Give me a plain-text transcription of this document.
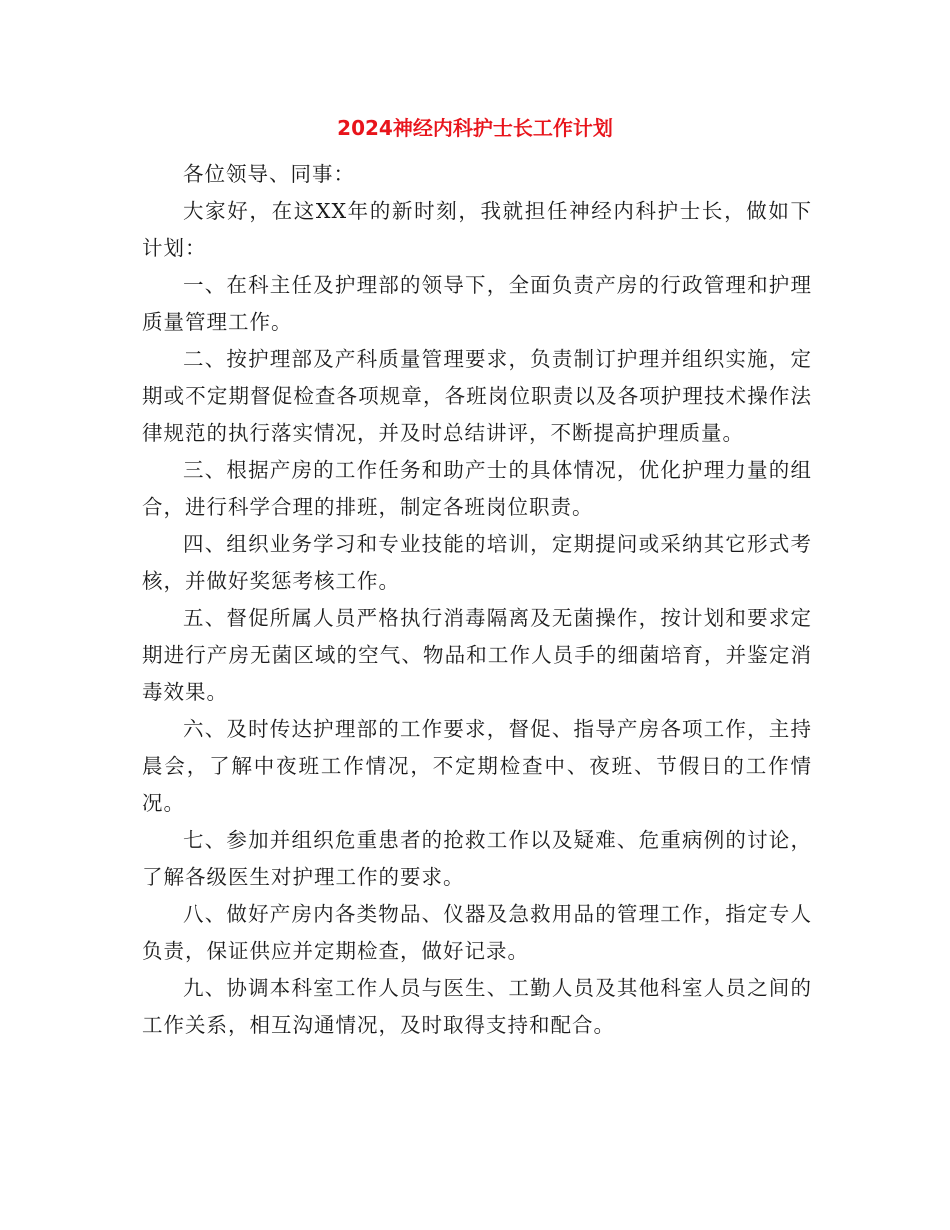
2024神经内科护士长工作计划

各位领导、同事：

大家好，在这XX年的新时刻，我就担任神经内科护士长，做如下计划：

一、在科主任及护理部的领导下，全面负责产房的行政管理和护理质量管理工作。

二、按护理部及产科质量管理要求，负责制订护理并组织实施，定期或不定期督促检查各项规章，各班岗位职责以及各项护理技术操作法律规范的执行落实情况，并及时总结讲评，不断提高护理质量。

三、根据产房的工作任务和助产士的具体情况，优化护理力量的组合，进行科学合理的排班，制定各班岗位职责。

四、组织业务学习和专业技能的培训，定期提问或采纳其它形式考核，并做好奖惩考核工作。

五、督促所属人员严格执行消毒隔离及无菌操作，按计划和要求定期进行产房无菌区域的空气、物品和工作人员手的细菌培育，并鉴定消毒效果。

六、及时传达护理部的工作要求，督促、指导产房各项工作，主持晨会，了解中夜班工作情况，不定期检查中、夜班、节假日的工作情况。

七、参加并组织危重患者的抢救工作以及疑难、危重病例的讨论，了解各级医生对护理工作的要求。

八、做好产房内各类物品、仪器及急救用品的管理工作，指定专人负责，保证供应并定期检查，做好记录。

九、协调本科室工作人员与医生、工勤人员及其他科室人员之间的工作关系，相互沟通情况，及时取得支持和配合。
